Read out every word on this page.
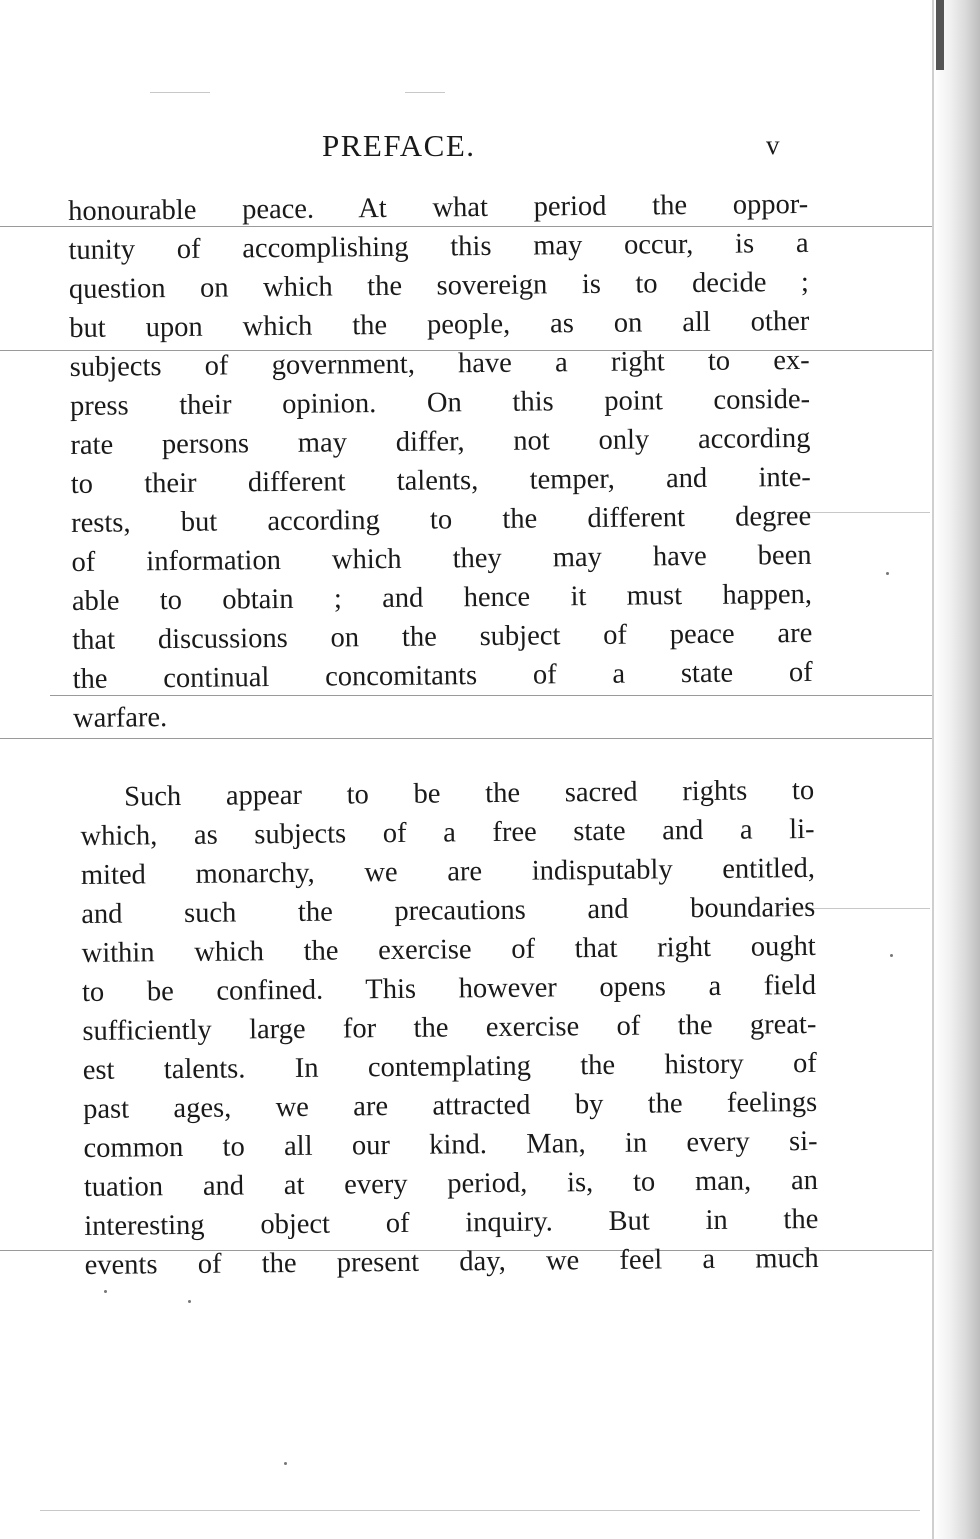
PREFACE.	v
honourable peace. At what period the oppor-
tunity of accomplishing this may occur, is a
question on which the sovereign is to decide ;
but upon which the people, as on all other
subjects of government, have a right to ex-
press their opinion. On this point conside-
rate persons may differ, not only according
to their different talents, temper, and inte-
rests, but according to the different degree
of information which they may have been
able to obtain ; and hence it must happen,
that discussions on the subject of peace are
the continual concomitants of a state of
warfare.
Such appear to be the sacred rights to
which, as subjects of a free state and a li-
mited monarchy, we are indisputably entitled,
and such the precautions and boundaries
within which the exercise of that right ought
to be confined. This however opens a field
sufficiently large for the exercise of the great-
est talents. In contemplating the history of
past ages, we are attracted by the feelings
common to all our kind. Man, in every si-
tuation and at every period, is, to man, an
interesting object of inquiry. But in the
events of the present day, we feel a much
